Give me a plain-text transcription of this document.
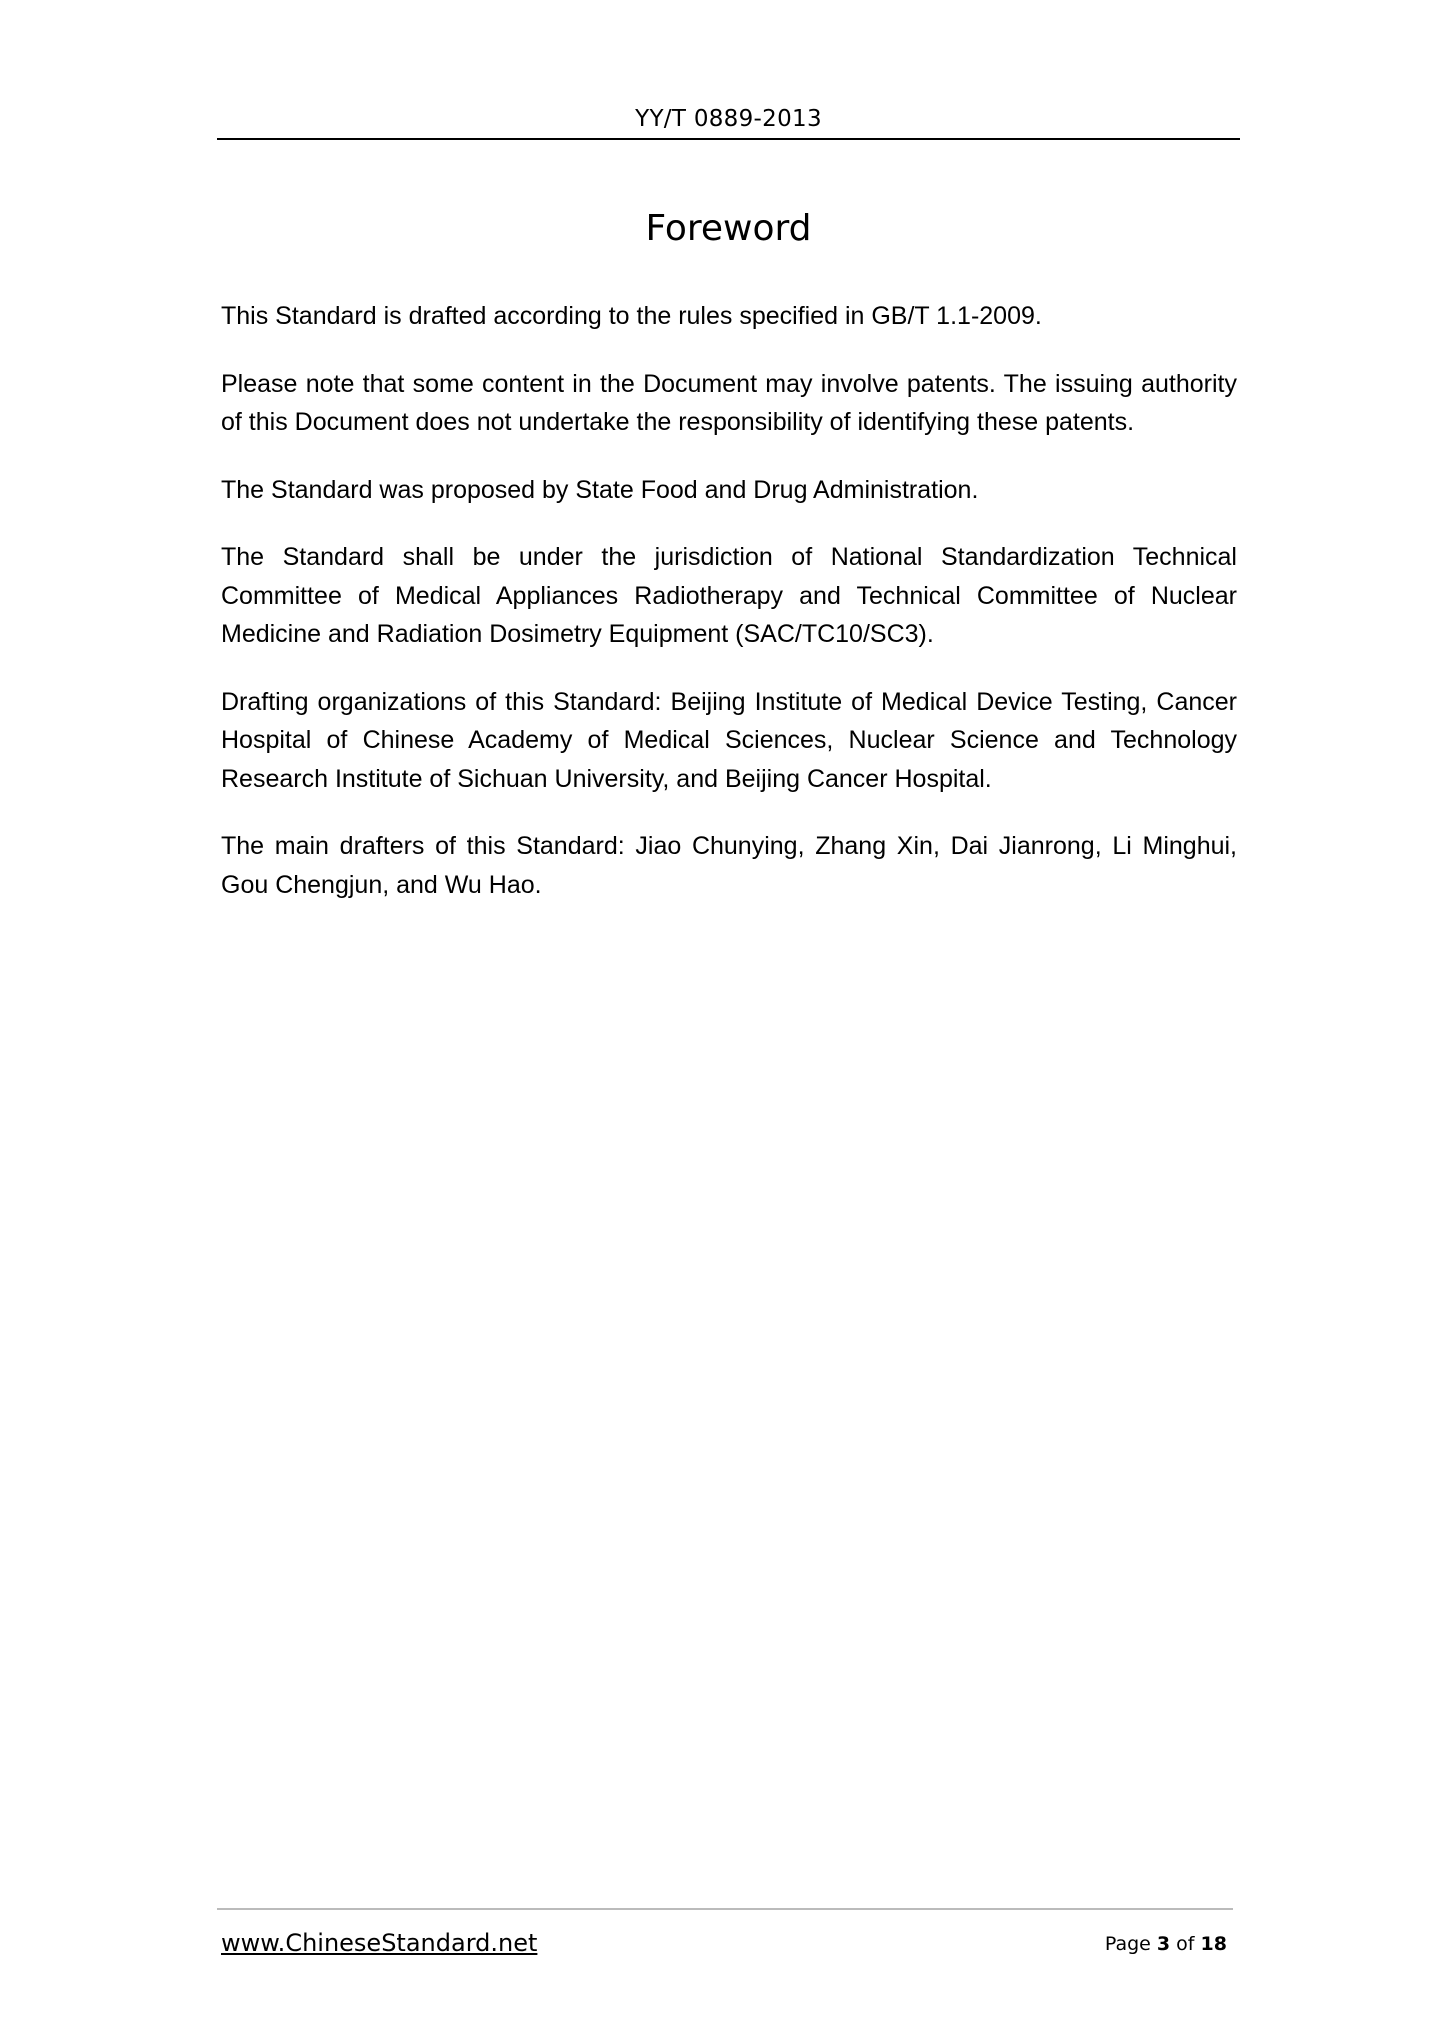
YY/T 0889-2013
Foreword

This Standard is drafted according to the rules specified in GB/T 1.1-2009.

Please note that some content in the Document may involve patents. The issuing authority of this Document does not undertake the responsibility of identifying these patents.

The Standard was proposed by State Food and Drug Administration.

The Standard shall be under the jurisdiction of National Standardization Technical Committee of Medical Appliances Radiotherapy and Technical Committee of Nuclear Medicine and Radiation Dosimetry Equipment (SAC/TC10/SC3).

Drafting organizations of this Standard: Beijing Institute of Medical Device Testing, Cancer Hospital of Chinese Academy of Medical Sciences, Nuclear Science and Technology Research Institute of Sichuan University, and Beijing Cancer Hospital.

The main drafters of this Standard: Jiao Chunying, Zhang Xin, Dai Jianrong, Li Minghui, Gou Chengjun, and Wu Hao.

www.ChineseStandard.net	Page 3 of 18
